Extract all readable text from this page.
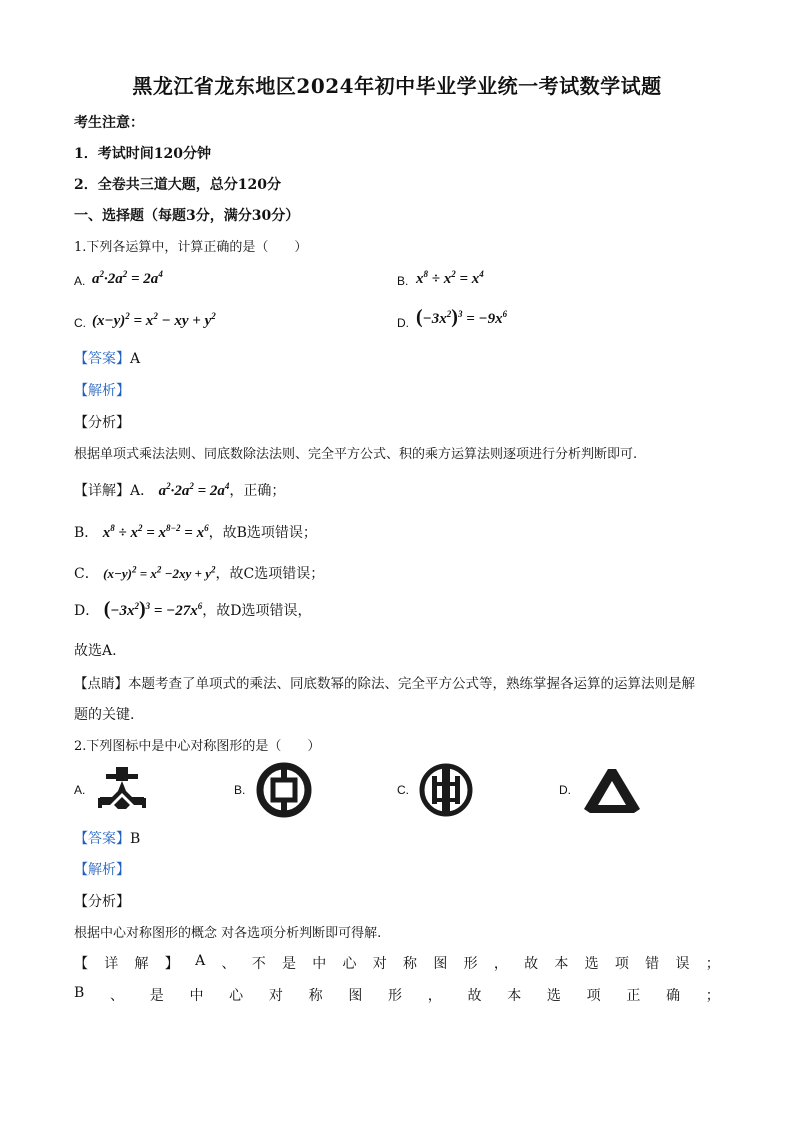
黑龙江省龙东地区2024年初中毕业学业统一考试数学试题
考生注意：
1．考试时间120分钟
2．全卷共三道大题，总分120分
一、选择题（每题3分，满分30分）
1.下列各运算中，计算正确的是（　　）
A. $a^2\cdot 2a^2 = 2a^4$	B. $x^8 \div x^2 = x^4$
C. $(x-y)^2 = x^2$ − xy + $y^2$	D. $(-3x^2)^3 = -9x^6$
【答案】A
【解析】
【分析】
根据单项式乘法法则、同底数除法法则、完全平方公式、积的乘方运算法则逐项进行分析判断即可.
【详解】A． $a^2\cdot 2a^2 = 2a^4$，正确；
B． $x^8 \div x^2 = x^{8-2} = x^6$，故B选项错误；
C． $(x-y)^2 = x^2 -2xy + y^2$，故C选项错误；
D． $(-3x^2)^3 = -27x^6$，故D选项错误，
故选A.
【点睛】本题考查了单项式的乘法、同底数幂的除法、完全平方公式等，熟练掌握各运算的运算法则是解
题的关键.
2.下列图标中是中心对称图形的是（　　）
A.	B.	C.	D.
【答案】B
【解析】
【分析】
根据中心对称图形的概念 对各选项分析判断即可得解.
【 详 解 】 A 、 不 是 中 心 对 称 图 形 ， 故 本 选 项 错 误 ；
B 、 是 中 心 对 称 图 形 ， 故 本 选 项 正 确 ；
